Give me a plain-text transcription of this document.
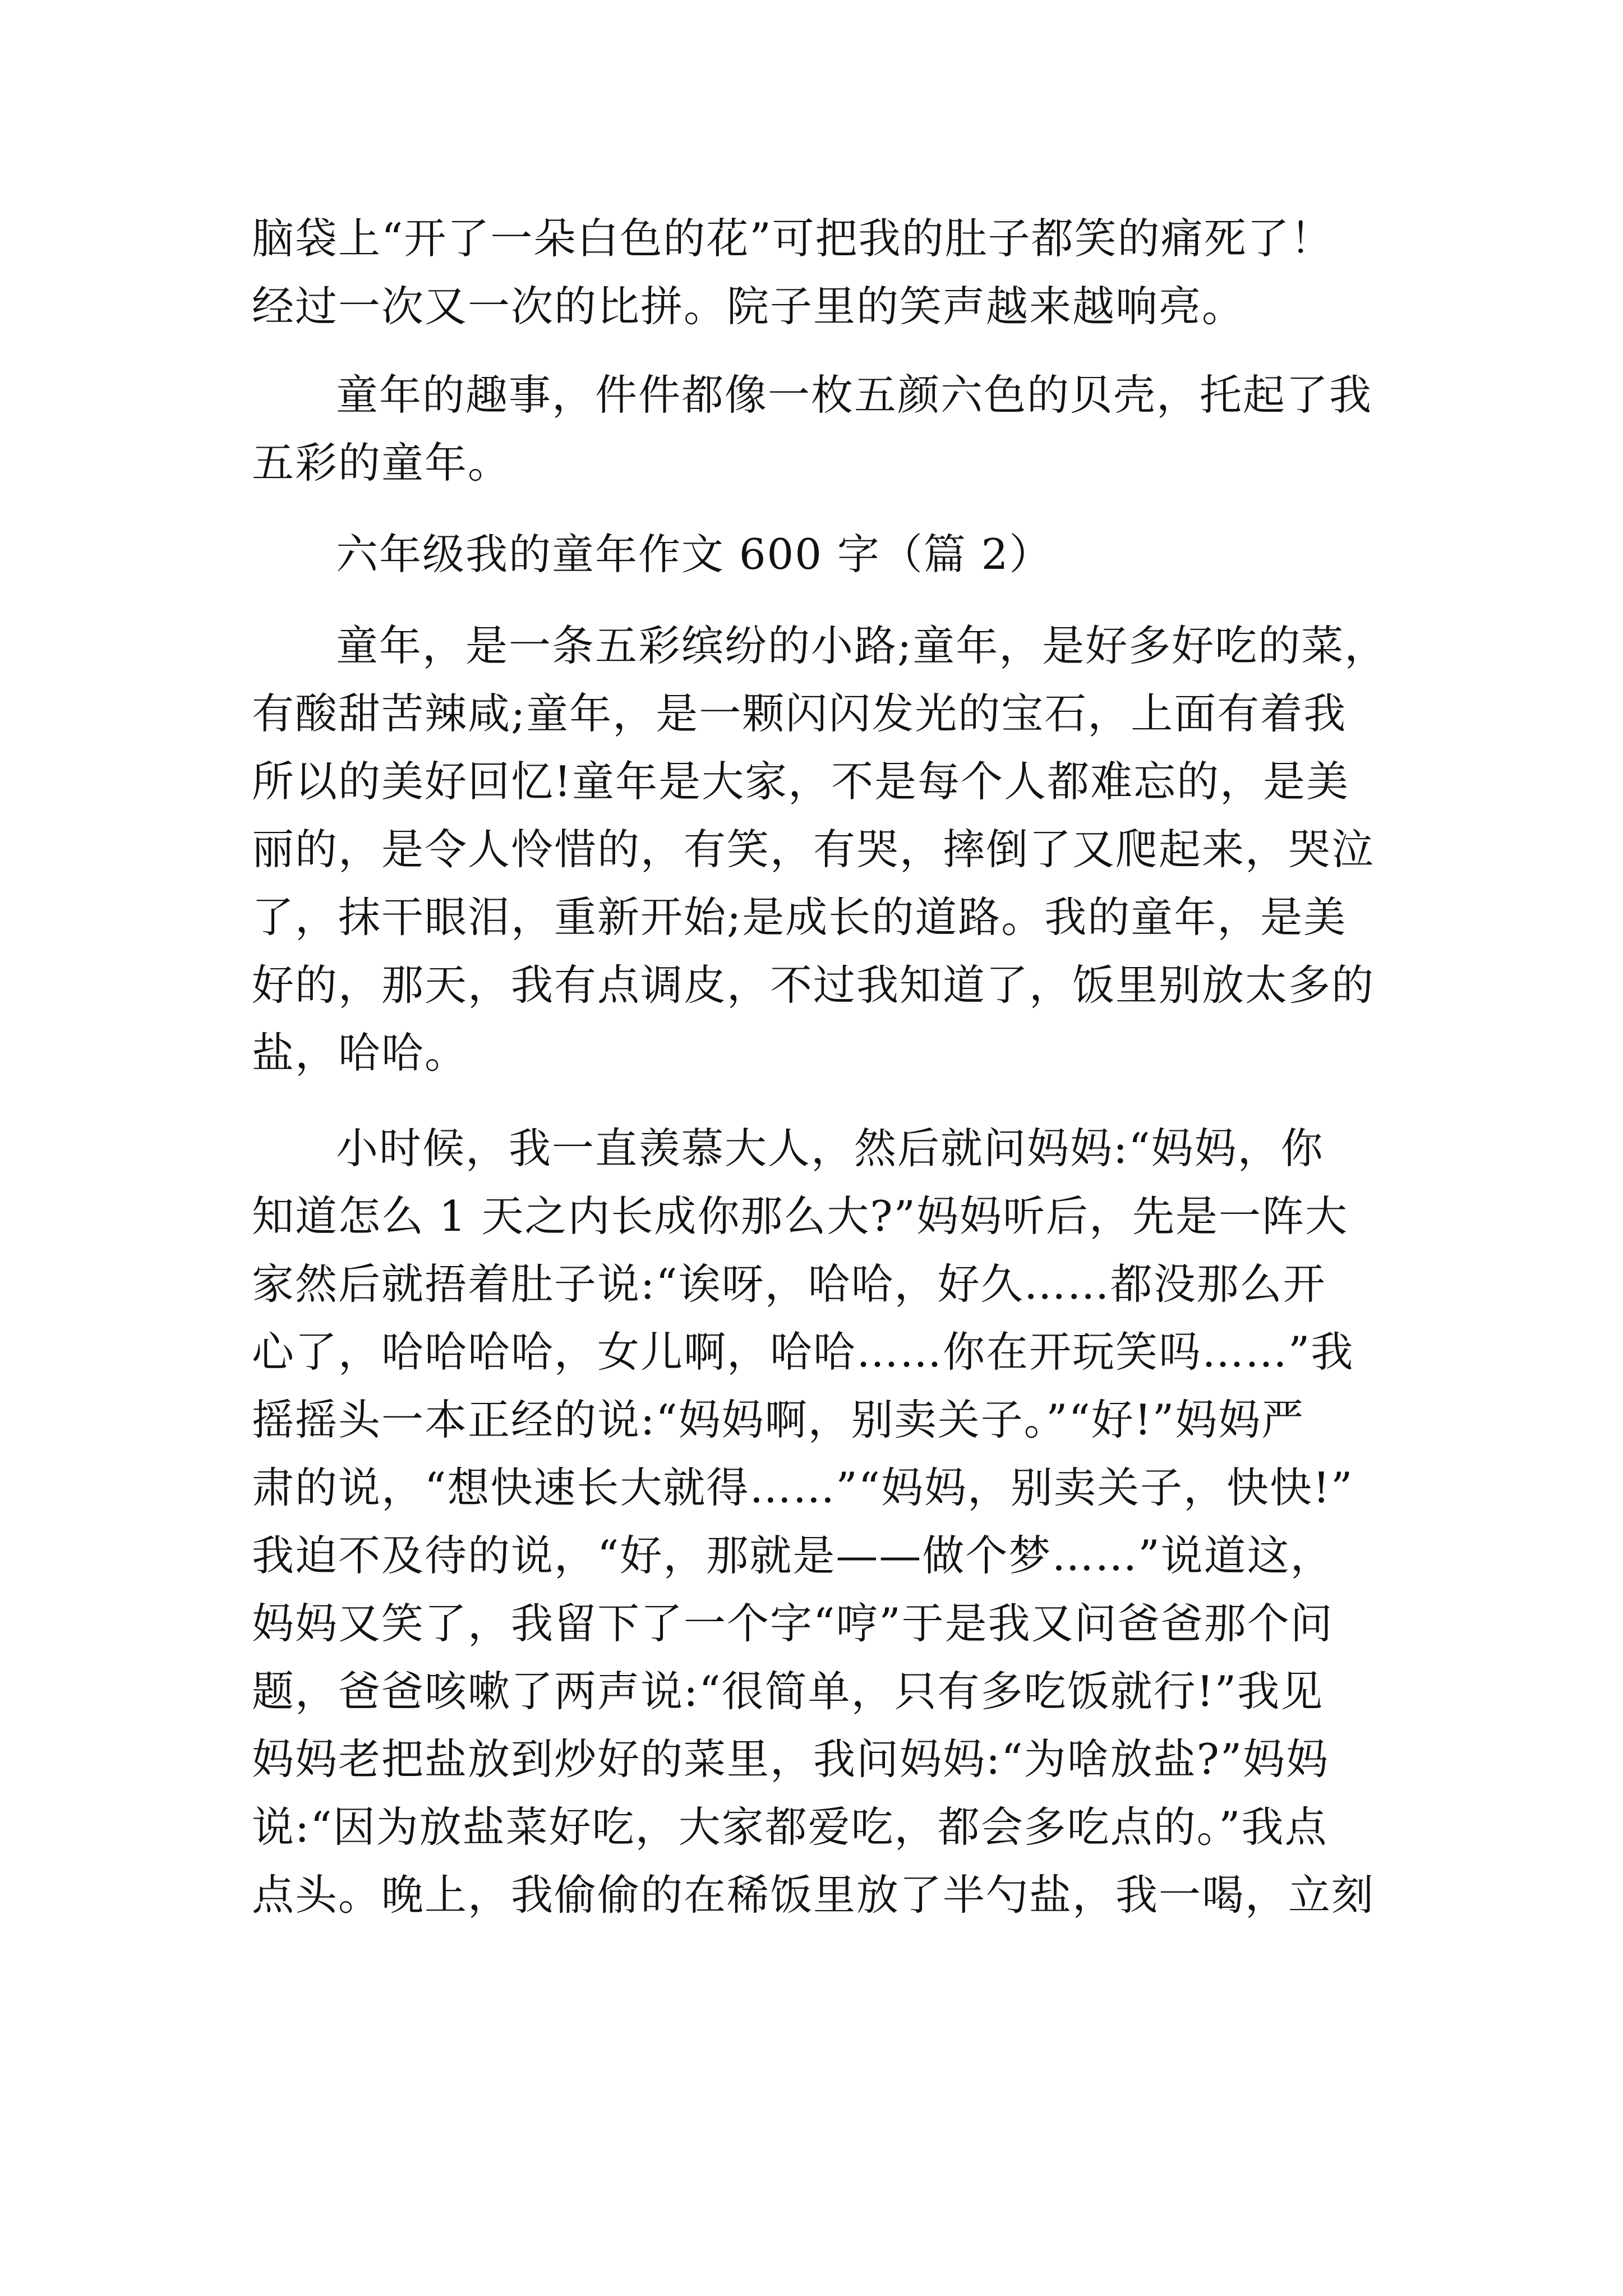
脑袋上“开了一朵白色的花”可把我的肚子都笑的痛死了！
经过一次又一次的比拼。院子里的笑声越来越响亮。
童年的趣事，件件都像一枚五颜六色的贝壳，托起了我
五彩的童年。
六年级我的童年作文 600 字（篇 2）
童年，是一条五彩缤纷的小路;童年，是好多好吃的菜，
有酸甜苦辣咸;童年，是一颗闪闪发光的宝石，上面有着我
所以的美好回忆!童年是大家，不是每个人都难忘的，是美
丽的，是令人怜惜的，有笑，有哭，摔倒了又爬起来，哭泣
了，抹干眼泪，重新开始;是成长的道路。我的童年，是美
好的，那天，我有点调皮，不过我知道了，饭里别放太多的
盐，哈哈。
小时候，我一直羡慕大人，然后就问妈妈:“妈妈，你
知道怎么 1 天之内长成你那么大?”妈妈听后，先是一阵大
家然后就捂着肚子说:“诶呀，哈哈，好久……都没那么开
心了，哈哈哈哈，女儿啊，哈哈……你在开玩笑吗……”我
摇摇头一本正经的说:“妈妈啊，别卖关子。”“好!”妈妈严
肃的说，“想快速长大就得……”“妈妈，别卖关子，快快!”
我迫不及待的说，“好，那就是——做个梦……”说道这，
妈妈又笑了，我留下了一个字“哼”于是我又问爸爸那个问
题，爸爸咳嗽了两声说:“很简单，只有多吃饭就行!”我见
妈妈老把盐放到炒好的菜里，我问妈妈:“为啥放盐?”妈妈
说:“因为放盐菜好吃，大家都爱吃，都会多吃点的。”我点
点头。晚上，我偷偷的在稀饭里放了半勺盐，我一喝，立刻
